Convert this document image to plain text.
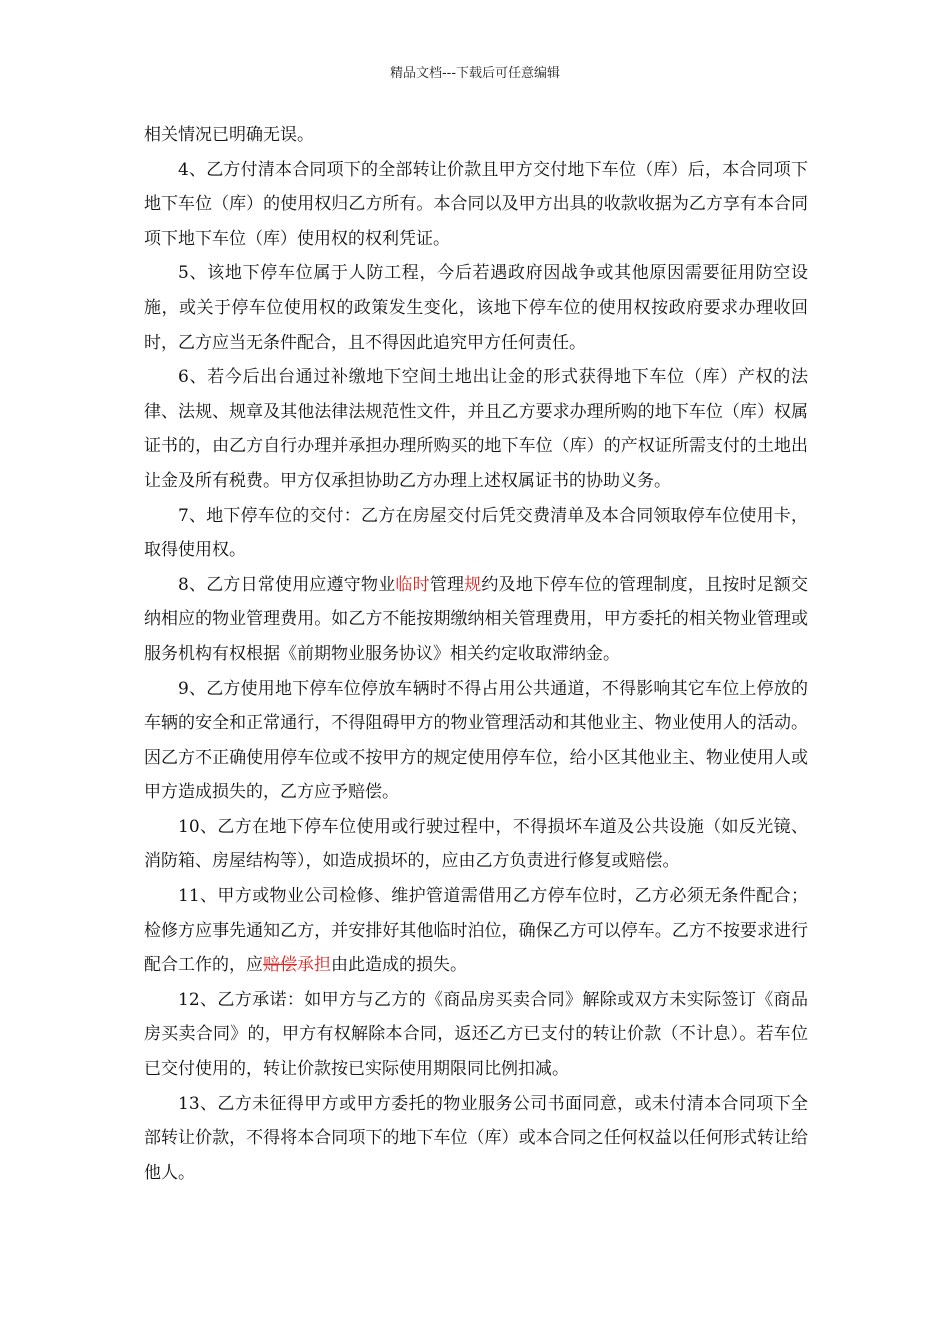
精品文档---下载后可任意编辑

相关情况已明确无误。

4、乙方付清本合同项下的全部转让价款且甲方交付地下车位（库）后，本合同项下地下车位（库）的使用权归乙方所有。本合同以及甲方出具的收款收据为乙方享有本合同项下地下车位（库）使用权的权利凭证。

5、该地下停车位属于人防工程，今后若遇政府因战争或其他原因需要征用防空设施，或关于停车位使用权的政策发生变化，该地下停车位的使用权按政府要求办理收回时，乙方应当无条件配合，且不得因此追究甲方任何责任。

6、若今后出台通过补缴地下空间土地出让金的形式获得地下车位（库）产权的法律、法规、规章及其他法律法规范性文件，并且乙方要求办理所购的地下车位（库）权属证书的，由乙方自行办理并承担办理所购买的地下车位（库）的产权证所需支付的土地出让金及所有税费。甲方仅承担协助乙方办理上述权属证书的协助义务。

7、地下停车位的交付：乙方在房屋交付后凭交费清单及本合同领取停车位使用卡，取得使用权。

8、乙方日常使用应遵守物业临时管理规约及地下停车位的管理制度，且按时足额交纳相应的物业管理费用。如乙方不能按期缴纳相关管理费用，甲方委托的相关物业管理或服务机构有权根据《前期物业服务协议》相关约定收取滞纳金。

9、乙方使用地下停车位停放车辆时不得占用公共通道，不得影响其它车位上停放的车辆的安全和正常通行，不得阻碍甲方的物业管理活动和其他业主、物业使用人的活动。因乙方不正确使用停车位或不按甲方的规定使用停车位，给小区其他业主、物业使用人或甲方造成损失的，乙方应予赔偿。

10、乙方在地下停车位使用或行驶过程中，不得损坏车道及公共设施（如反光镜、消防箱、房屋结构等），如造成损坏的，应由乙方负责进行修复或赔偿。

11、甲方或物业公司检修、维护管道需借用乙方停车位时，乙方必须无条件配合；检修方应事先通知乙方，并安排好其他临时泊位，确保乙方可以停车。乙方不按要求进行配合工作的，应赔偿承担由此造成的损失。

12、乙方承诺：如甲方与乙方的《商品房买卖合同》解除或双方未实际签订《商品房买卖合同》的，甲方有权解除本合同，返还乙方已支付的转让价款（不计息）。若车位已交付使用的，转让价款按已实际使用期限同比例扣减。

13、乙方未征得甲方或甲方委托的物业服务公司书面同意，或未付清本合同项下全部转让价款，不得将本合同项下的地下车位（库）或本合同之任何权益以任何形式转让给他人。
